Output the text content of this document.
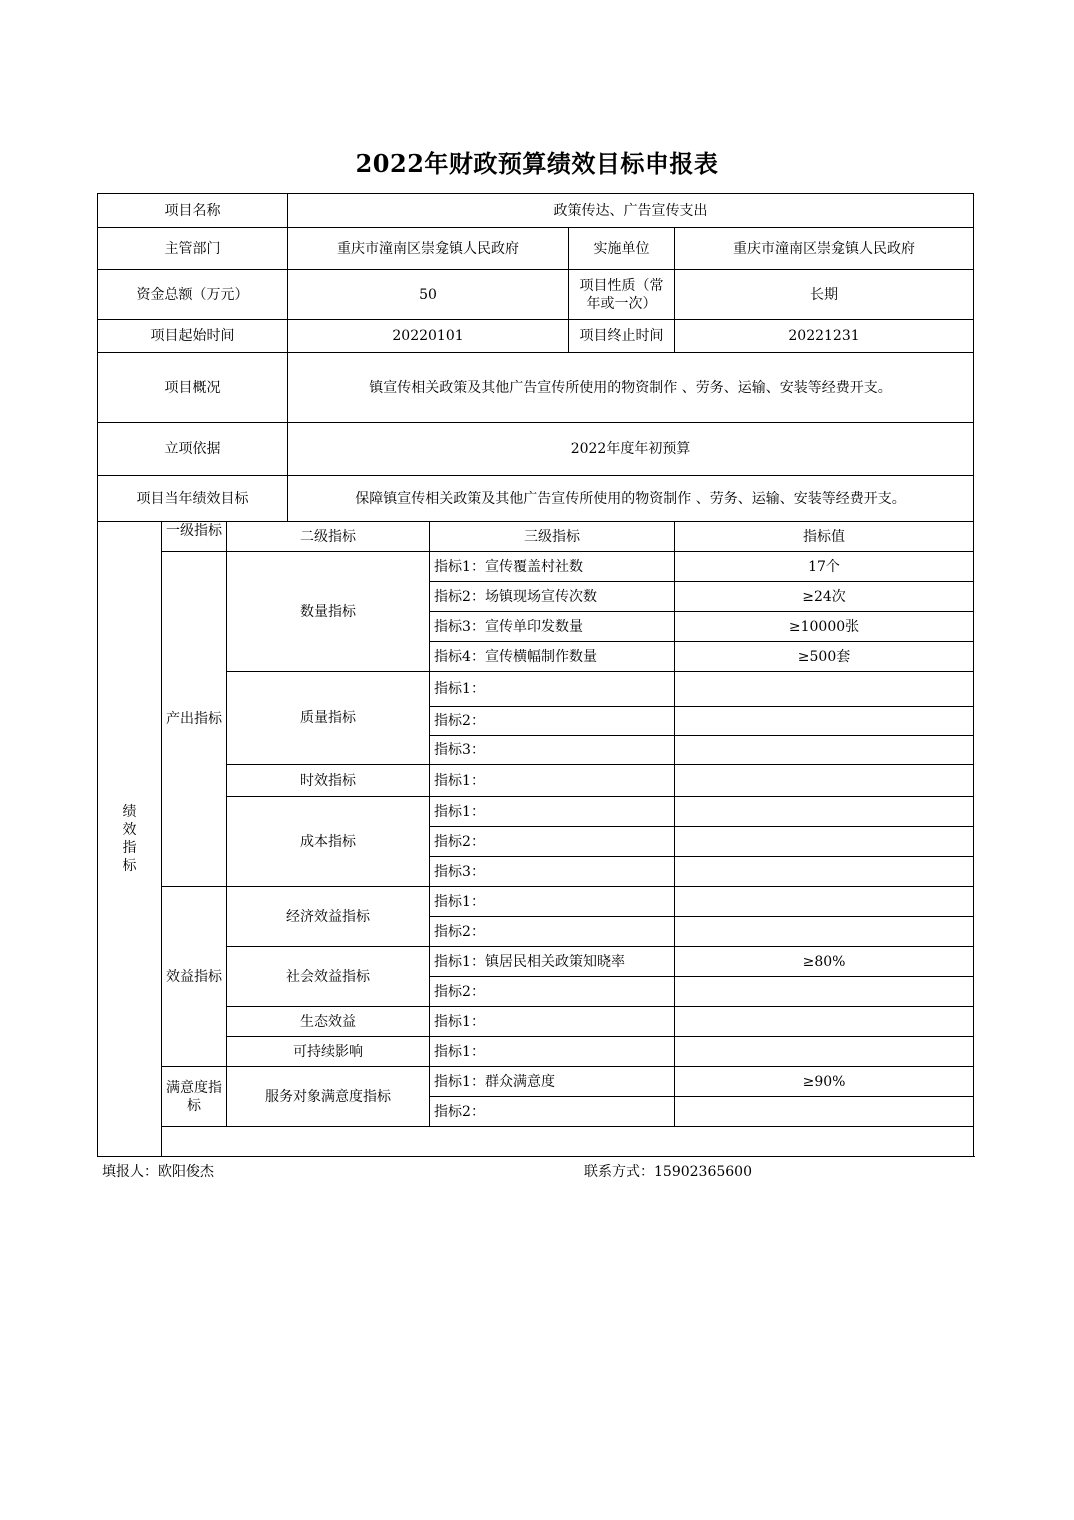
2022年财政预算绩效目标申报表
项目名称			政策传达、广告宣传支出			
主管部门			重庆市潼南区崇龛镇人民政府		实施单位	重庆市潼南区崇龛镇人民政府
资金总额（万元）			50		项目性质（常年或一次）	长期
项目起始时间			20220101		项目终止时间	20221231
项目概况			镇宣传相关政策及其他广告宣传所使用的物资制作 、劳务、运输、安装等经费开支。			
立项依据			2022年度年初预算			
项目当年绩效目标			保障镇宣传相关政策及其他广告宣传所使用的物资制作 、劳务、运输、安装等经费开支。			

绩效指标	一级指标	二级指标		三级指标		指标值
	产出指标	数量指标		指标1：宣传覆盖村社数		17个
				指标2：场镇现场宣传次数		≥24次
				指标3：宣传单印发数量		≥10000张
				指标4：宣传横幅制作数量		≥500套
		质量指标		指标1：		
				指标2：		
				指标3：		
		时效指标		指标1：		
		成本指标		指标1：		
				指标2：		
				指标3：		
	效益指标	经济效益指标		指标1：		
				指标2：		
		社会效益指标		指标1：镇居民相关政策知晓率		≥80%
				指标2：		
		生态效益		指标1：		
		可持续影响		指标1：		
	满意度指标	服务对象满意度指标		指标1：群众满意度		≥90%
				指标2：		

填报人：欧阳俊杰	联系方式：15902365600
